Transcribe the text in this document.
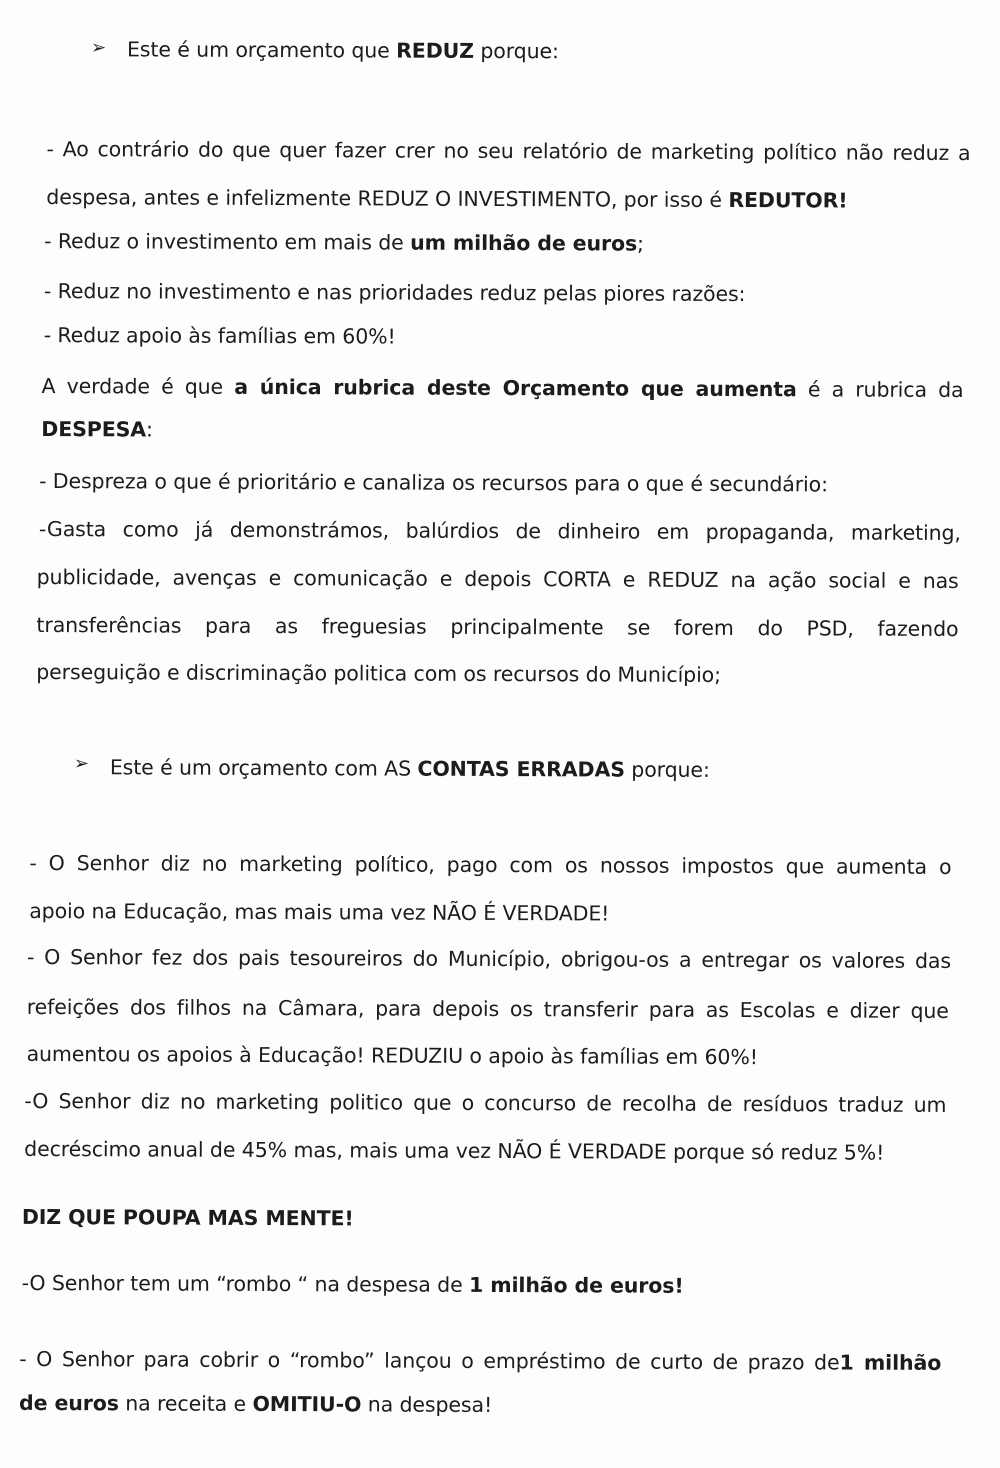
➢ Este é um orçamento que REDUZ porque:
- Ao contrário do que quer fazer crer no seu relatório de marketing político não reduz a
despesa, antes e infelizmente REDUZ O INVESTIMENTO, por isso é REDUTOR!
- Reduz o investimento em mais de um milhão de euros;
- Reduz no investimento e nas prioridades reduz pelas piores razões:
- Reduz apoio às famílias em 60%!
A verdade é que a única rubrica deste Orçamento que aumenta é a rubrica da
DESPESA:
- Despreza o que é prioritário e canaliza os recursos para o que é secundário:
-Gasta como já demonstrámos, balúrdios de dinheiro em propaganda, marketing,
publicidade, avenças e comunicação e depois CORTA e REDUZ na ação social e nas
transferências para as freguesias principalmente se forem do PSD, fazendo
perseguição e discriminação politica com os recursos do Município;
➢ Este é um orçamento com AS CONTAS ERRADAS porque:
- O Senhor diz no marketing político, pago com os nossos impostos que aumenta o
apoio na Educação, mas mais uma vez NÃO É VERDADE!
- O Senhor fez dos pais tesoureiros do Município, obrigou-os a entregar os valores das
refeições dos filhos na Câmara, para depois os transferir para as Escolas e dizer que
aumentou os apoios à Educação! REDUZIU o apoio às famílias em 60%!
-O Senhor diz no marketing politico que o concurso de recolha de resíduos traduz um
decréscimo anual de 45% mas, mais uma vez NÃO É VERDADE porque só reduz 5%!
DIZ QUE POUPA MAS MENTE!
-O Senhor tem um “rombo “ na despesa de 1 milhão de euros!
- O Senhor para cobrir o “rombo” lançou o empréstimo de curto de prazo de1 milhão
de euros na receita e OMITIU-O na despesa!
